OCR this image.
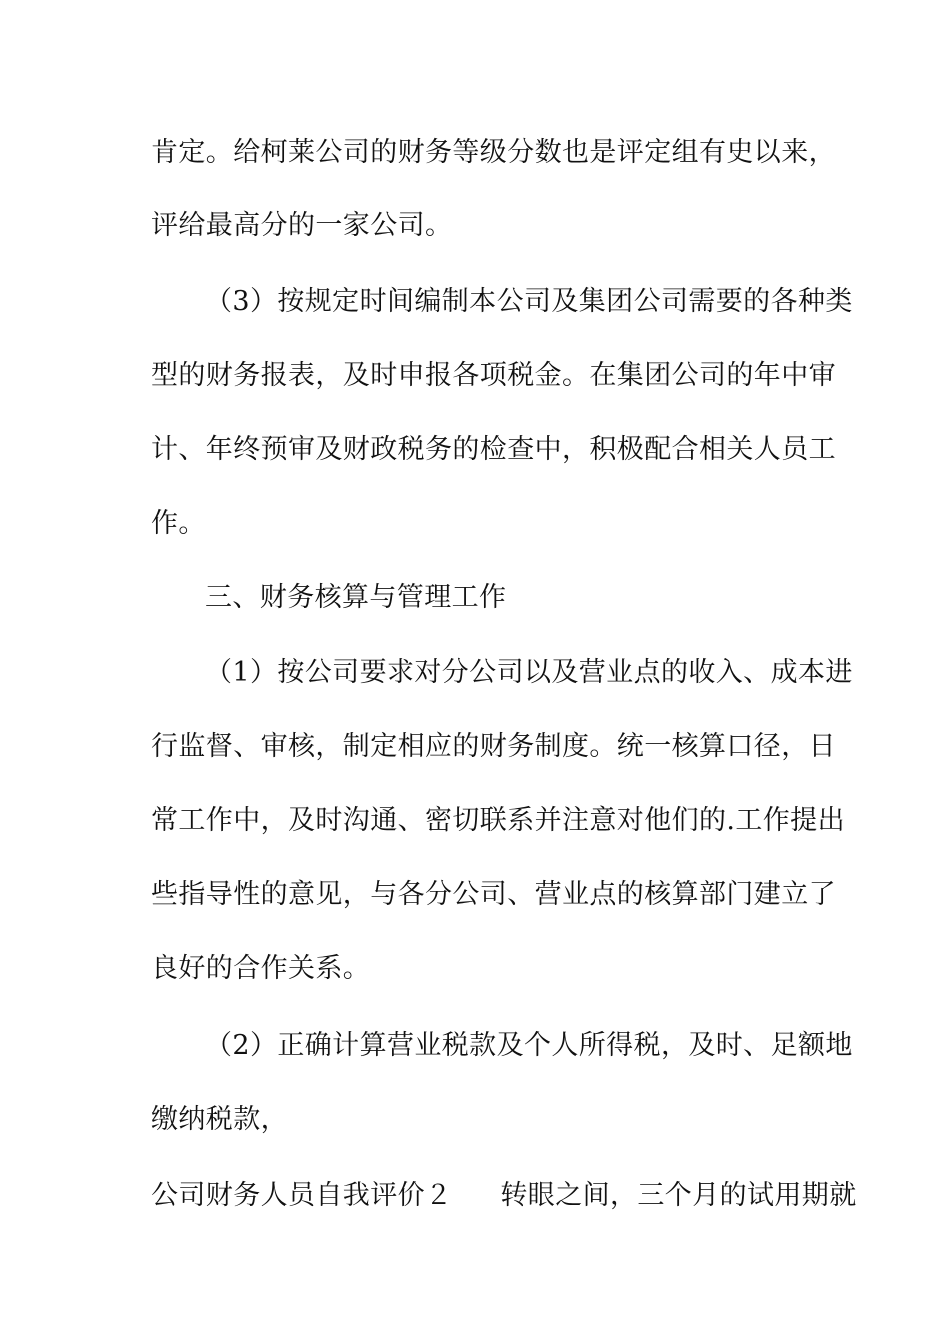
肯定。给柯莱公司的财务等级分数也是评定组有史以来，
评给最高分的一家公司。
（3）按规定时间编制本公司及集团公司需要的各种类
型的财务报表，及时申报各项税金。在集团公司的年中审
计、年终预审及财政税务的检查中，积极配合相关人员工
作。
三、财务核算与管理工作
（1）按公司要求对分公司以及营业点的收入、成本进
行监督、审核，制定相应的财务制度。统一核算口径，日
常工作中，及时沟通、密切联系并注意对他们的.工作提出
些指导性的意见，与各分公司、营业点的核算部门建立了
良好的合作关系。
（2）正确计算营业税款及个人所得税，及时、足额地
缴纳税款，
公司财务人员自我评价２ 转眼之间，三个月的试用期就
